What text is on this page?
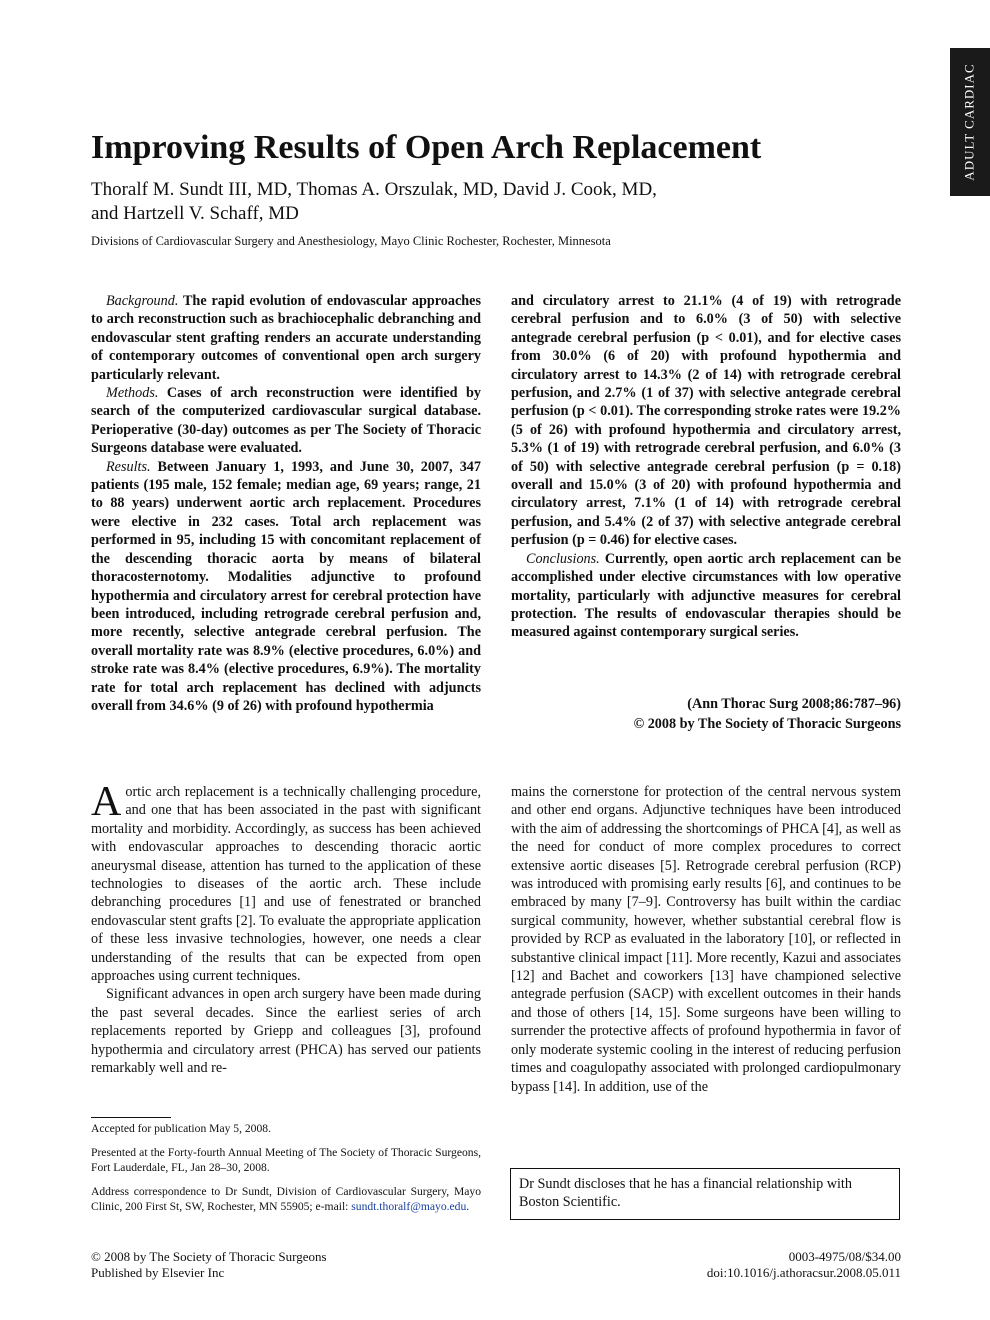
ADULT CARDIAC
Improving Results of Open Arch Replacement
Thoralf M. Sundt III, MD, Thomas A. Orszulak, MD, David J. Cook, MD,
and Hartzell V. Schaff, MD
Divisions of Cardiovascular Surgery and Anesthesiology, Mayo Clinic Rochester, Rochester, Minnesota

Background. The rapid evolution of endovascular approaches to arch reconstruction such as brachiocephalic debranching and endovascular stent grafting renders an accurate understanding of contemporary outcomes of conventional open arch surgery particularly relevant.

Methods. Cases of arch reconstruction were identified by search of the computerized cardiovascular surgical database. Perioperative (30-day) outcomes as per The Society of Thoracic Surgeons database were evaluated.

Results. Between January 1, 1993, and June 30, 2007, 347 patients (195 male, 152 female; median age, 69 years; range, 21 to 88 years) underwent aortic arch replacement. Procedures were elective in 232 cases. Total arch replacement was performed in 95, including 15 with concomitant replacement of the descending thoracic aorta by means of bilateral thoracosternotomy. Modalities adjunctive to profound hypothermia and circulatory arrest for cerebral protection have been introduced, including retrograde cerebral perfusion and, more recently, selective antegrade cerebral perfusion. The overall mortality rate was 8.9% (elective procedures, 6.0%) and stroke rate was 8.4% (elective procedures, 6.9%). The mortality rate for total arch replacement has declined with adjuncts overall from 34.6% (9 of 26) with profound hypothermia

and circulatory arrest to 21.1% (4 of 19) with retrograde cerebral perfusion and to 6.0% (3 of 50) with selective antegrade cerebral perfusion (p < 0.01), and for elective cases from 30.0% (6 of 20) with profound hypothermia and circulatory arrest to 14.3% (2 of 14) with retrograde cerebral perfusion, and 2.7% (1 of 37) with selective antegrade cerebral perfusion (p < 0.01). The corresponding stroke rates were 19.2% (5 of 26) with profound hypothermia and circulatory arrest, 5.3% (1 of 19) with retrograde cerebral perfusion, and 6.0% (3 of 50) with selective antegrade cerebral perfusion (p = 0.18) overall and 15.0% (3 of 20) with profound hypothermia and circulatory arrest, 7.1% (1 of 14) with retrograde cerebral perfusion, and 5.4% (2 of 37) with selective antegrade cerebral perfusion (p = 0.46) for elective cases.

Conclusions. Currently, open aortic arch replacement can be accomplished under elective circumstances with low operative mortality, particularly with adjunctive measures for cerebral protection. The results of endovascular therapies should be measured against contemporary surgical series.

(Ann Thorac Surg 2008;86:787–96)
© 2008 by The Society of Thoracic Surgeons

Aortic arch replacement is a technically challenging procedure, and one that has been associated in the past with significant mortality and morbidity. Accordingly, as success has been achieved with endovascular approaches to descending thoracic aortic aneurysmal disease, attention has turned to the application of these technologies to diseases of the aortic arch. These include debranching procedures [1] and use of fenestrated or branched endovascular stent grafts [2]. To evaluate the appropriate application of these less invasive technologies, however, one needs a clear understanding of the results that can be expected from open approaches using current techniques.

Significant advances in open arch surgery have been made during the past several decades. Since the earliest series of arch replacements reported by Griepp and colleagues [3], profound hypothermia and circulatory arrest (PHCA) has served our patients remarkably well and re-

mains the cornerstone for protection of the central nervous system and other end organs. Adjunctive techniques have been introduced with the aim of addressing the shortcomings of PHCA [4], as well as the need for conduct of more complex procedures to correct extensive aortic diseases [5]. Retrograde cerebral perfusion (RCP) was introduced with promising early results [6], and continues to be embraced by many [7–9]. Controversy has built within the cardiac surgical community, however, whether substantial cerebral flow is provided by RCP as evaluated in the laboratory [10], or reflected in substantive clinical impact [11]. More recently, Kazui and associates [12] and Bachet and coworkers [13] have championed selective antegrade perfusion (SACP) with excellent outcomes in their hands and those of others [14, 15]. Some surgeons have been willing to surrender the protective affects of profound hypothermia in favor of only moderate systemic cooling in the interest of reducing perfusion times and coagulopathy associated with prolonged cardiopulmonary bypass [14]. In addition, use of the

Accepted for publication May 5, 2008.

Presented at the Forty-fourth Annual Meeting of The Society of Thoracic Surgeons, Fort Lauderdale, FL, Jan 28–30, 2008.

Address correspondence to Dr Sundt, Division of Cardiovascular Surgery, Mayo Clinic, 200 First St, SW, Rochester, MN 55905; e-mail: sundt.thoralf@mayo.edu.

Dr Sundt discloses that he has a financial relationship with Boston Scientific.
© 2008 by The Society of Thoracic Surgeons
Published by Elsevier Inc
0003-4975/08/$34.00
doi:10.1016/j.athoracsur.2008.05.011
